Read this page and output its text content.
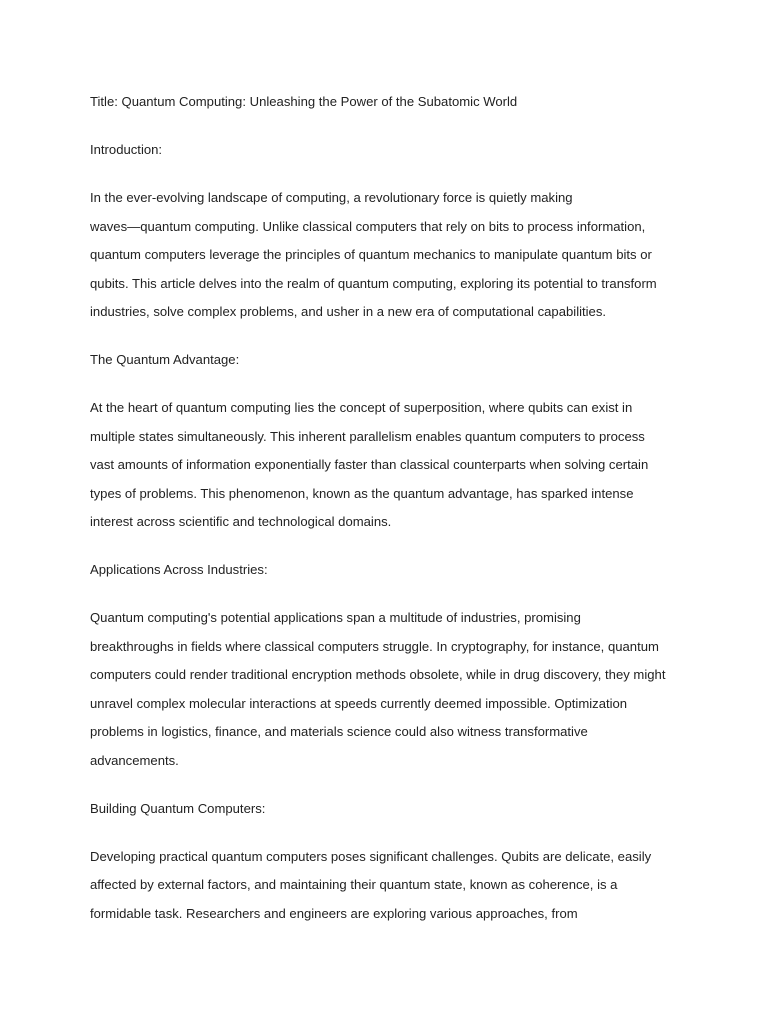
Title: Quantum Computing: Unleashing the Power of the Subatomic World
Introduction:
In the ever-evolving landscape of computing, a revolutionary force is quietly making
waves—quantum computing. Unlike classical computers that rely on bits to process information,
quantum computers leverage the principles of quantum mechanics to manipulate quantum bits or
qubits. This article delves into the realm of quantum computing, exploring its potential to transform
industries, solve complex problems, and usher in a new era of computational capabilities.
The Quantum Advantage:
At the heart of quantum computing lies the concept of superposition, where qubits can exist in
multiple states simultaneously. This inherent parallelism enables quantum computers to process
vast amounts of information exponentially faster than classical counterparts when solving certain
types of problems. This phenomenon, known as the quantum advantage, has sparked intense
interest across scientific and technological domains.
Applications Across Industries:
Quantum computing's potential applications span a multitude of industries, promising
breakthroughs in fields where classical computers struggle. In cryptography, for instance, quantum
computers could render traditional encryption methods obsolete, while in drug discovery, they might
unravel complex molecular interactions at speeds currently deemed impossible. Optimization
problems in logistics, finance, and materials science could also witness transformative
advancements.
Building Quantum Computers:
Developing practical quantum computers poses significant challenges. Qubits are delicate, easily
affected by external factors, and maintaining their quantum state, known as coherence, is a
formidable task. Researchers and engineers are exploring various approaches, from
